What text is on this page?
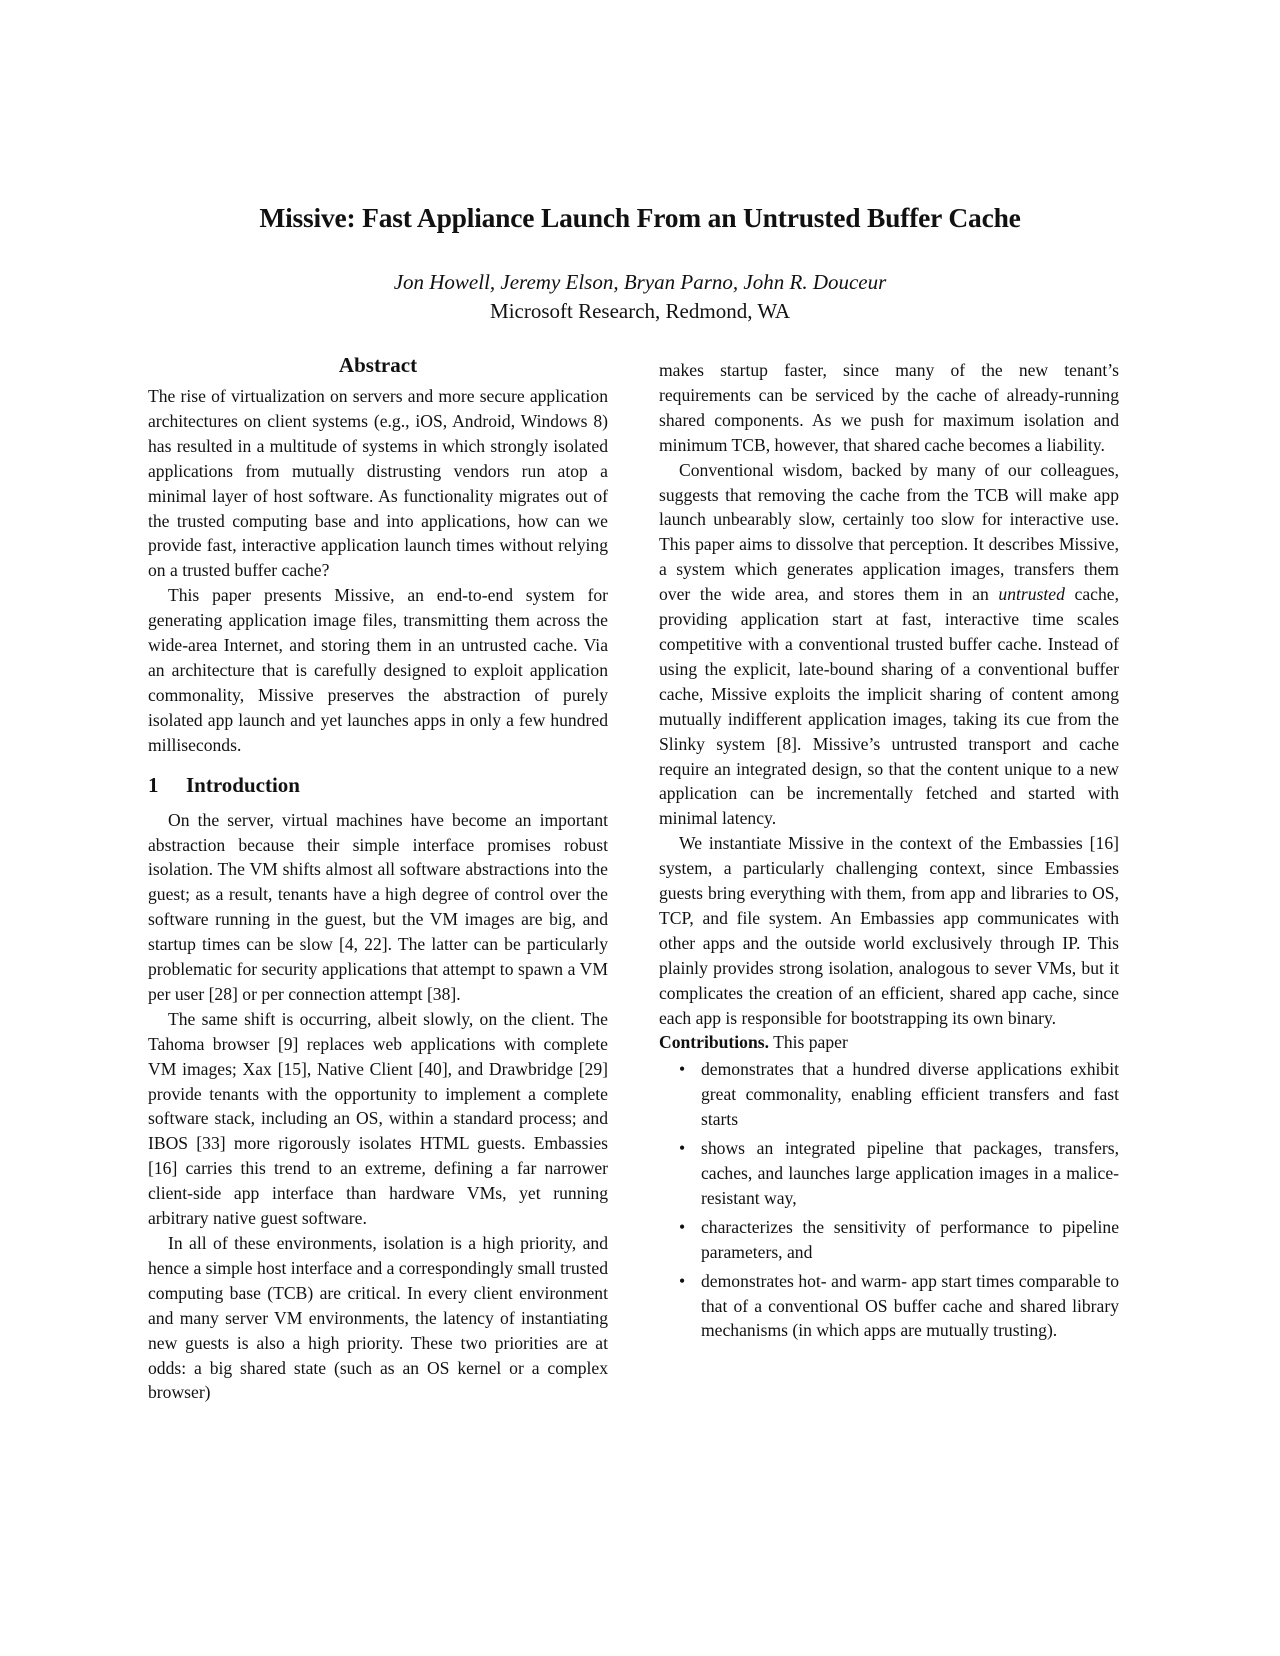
Missive: Fast Appliance Launch From an Untrusted Buffer Cache
Jon Howell, Jeremy Elson, Bryan Parno, John R. Douceur
Microsoft Research, Redmond, WA
Abstract

The rise of virtualization on servers and more secure application architectures on client systems (e.g., iOS, Android, Windows 8) has resulted in a multitude of systems in which strongly isolated applications from mutually distrusting vendors run atop a minimal layer of host software. As functionality migrates out of the trusted computing base and into applications, how can we provide fast, interactive application launch times without relying on a trusted buffer cache?

This paper presents Missive, an end-to-end system for generating application image files, transmitting them across the wide-area Internet, and storing them in an untrusted cache. Via an architecture that is carefully designed to exploit application commonality, Missive preserves the abstraction of purely isolated app launch and yet launches apps in only a few hundred milliseconds.

1 Introduction

On the server, virtual machines have become an important abstraction because their simple interface promises robust isolation. The VM shifts almost all software abstractions into the guest; as a result, tenants have a high degree of control over the software running in the guest, but the VM images are big, and startup times can be slow [4, 22]. The latter can be particularly problematic for security applications that attempt to spawn a VM per user [28] or per connection attempt [38].

The same shift is occurring, albeit slowly, on the client. The Tahoma browser [9] replaces web applications with complete VM images; Xax [15], Native Client [40], and Drawbridge [29] provide tenants with the opportunity to implement a complete software stack, including an OS, within a standard process; and IBOS [33] more rigorously isolates HTML guests. Embassies [16] carries this trend to an extreme, defining a far narrower client-side app interface than hardware VMs, yet running arbitrary native guest software.

In all of these environments, isolation is a high priority, and hence a simple host interface and a correspondingly small trusted computing base (TCB) are critical. In every client environment and many server VM environments, the latency of instantiating new guests is also a high priority. These two priorities are at odds: a big shared state (such as an OS kernel or a complex browser)

makes startup faster, since many of the new tenant’s requirements can be serviced by the cache of already-running shared components. As we push for maximum isolation and minimum TCB, however, that shared cache becomes a liability.

Conventional wisdom, backed by many of our colleagues, suggests that removing the cache from the TCB will make app launch unbearably slow, certainly too slow for interactive use. This paper aims to dissolve that perception. It describes Missive, a system which generates application images, transfers them over the wide area, and stores them in an untrusted cache, providing application start at fast, interactive time scales competitive with a conventional trusted buffer cache. Instead of using the explicit, late-bound sharing of a conventional buffer cache, Missive exploits the implicit sharing of content among mutually indifferent application images, taking its cue from the Slinky system [8]. Missive’s untrusted transport and cache require an integrated design, so that the content unique to a new application can be incrementally fetched and started with minimal latency.

We instantiate Missive in the context of the Embassies [16] system, a particularly challenging context, since Embassies guests bring everything with them, from app and libraries to OS, TCP, and file system. An Embassies app communicates with other apps and the outside world exclusively through IP. This plainly provides strong isolation, analogous to sever VMs, but it complicates the creation of an efficient, shared app cache, since each app is responsible for bootstrapping its own binary.

Contributions. This paper

• demonstrates that a hundred diverse applications exhibit great commonality, enabling efficient transfers and fast starts
• shows an integrated pipeline that packages, transfers, caches, and launches large application images in a malice-resistant way,
• characterizes the sensitivity of performance to pipeline parameters, and
• demonstrates hot- and warm- app start times comparable to that of a conventional OS buffer cache and shared library mechanisms (in which apps are mutually trusting).
